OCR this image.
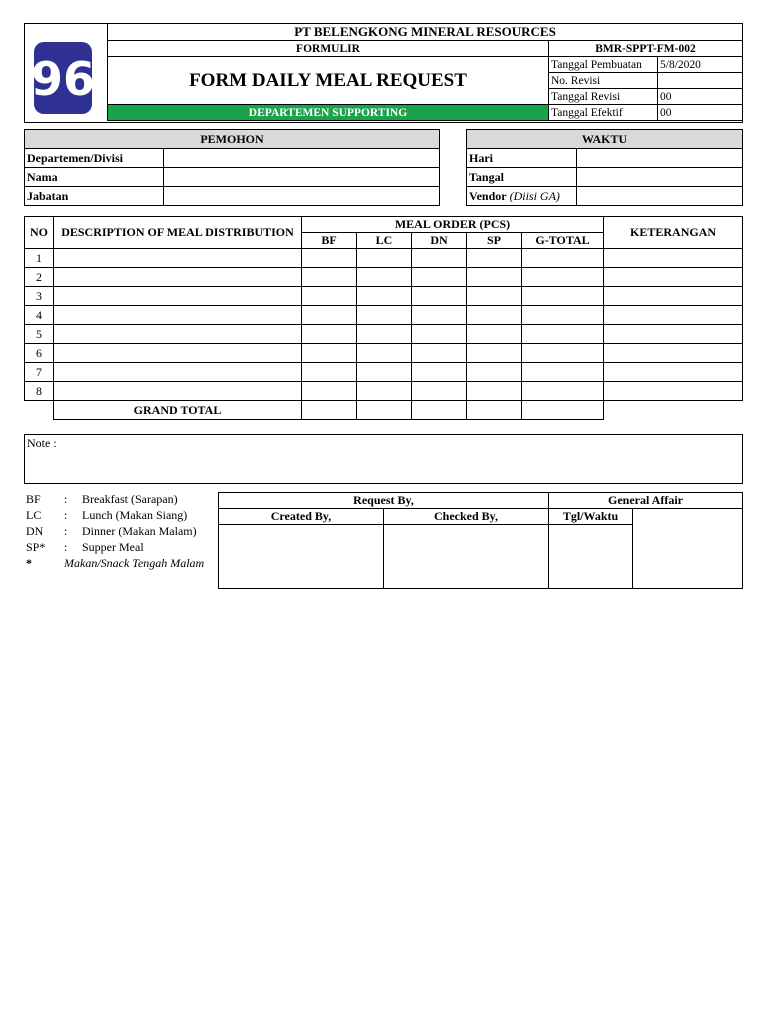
96
PT BELENGKONG MINERAL RESOURCES		
FORMULIR	BMR-SPPT-FM-002	
FORM DAILY MEAL REQUEST	Tanggal Pembuatan	5/8/2020
	No. Revisi	
	Tanggal Revisi	00
DEPARTEMEN SUPPORTING	Tanggal Efektif	00
PEMOHON	
Departemen/Divisi	
Nama	
Jabatan	
WAKTU	
Hari	
Tangal	
Vendor (Diisi GA)	
NO	DESCRIPTION OF MEAL DISTRIBUTION	MEAL ORDER (PCS)					KETERANGAN
		BF	LC	DN	SP	G-TOTAL	
1							
2							
3							
4							
5							
6							
7							
8							
	GRAND TOTAL						
Note :
BF : Breakfast (Sarapan)
LC : Lunch (Makan Siang)
DN : Dinner (Makan Malam)
SP* : Supper Meal
*	Makan/Snack Tengah Malam
Request By,		General Affair	
Created By,	Checked By,	Tgl/Waktu	
